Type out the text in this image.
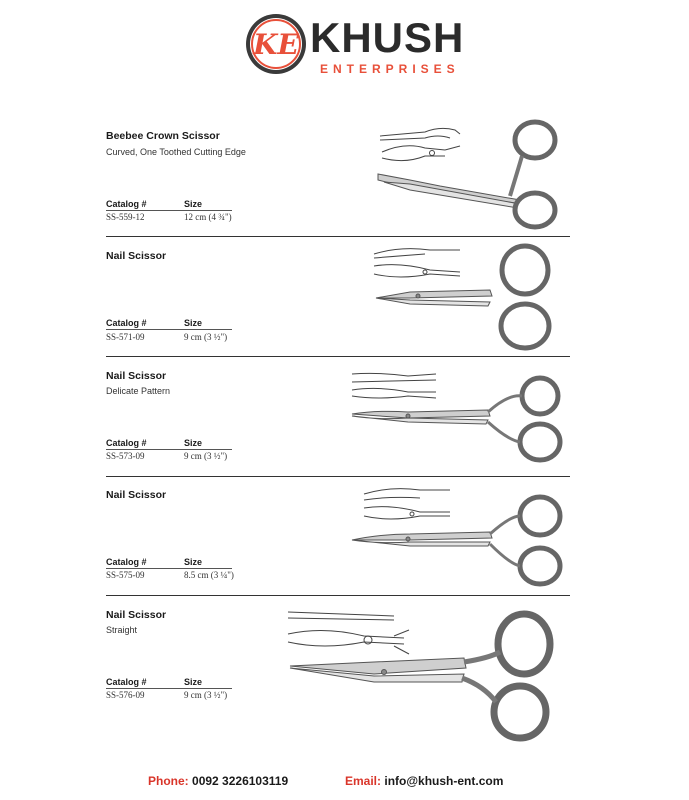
KE KHUSH
ENTERPRISES
Beebee Crown Scissor
Curved, One Toothed Cutting Edge
Catalog #	Size
SS-559-12	12 cm (4 ¾")
Nail Scissor
Catalog #	Size
SS-571-09	9 cm (3 ½")
Nail Scissor
Delicate Pattern
Catalog #	Size
SS-573-09	9 cm (3 ½")
Nail Scissor
Catalog #	Size
SS-575-09	8.5 cm (3 ¼")
Nail Scissor
Straight
Catalog #	Size
SS-576-09	9 cm (3 ½")
Phone: 0092 3226103119	Email: info@khush-ent.com
